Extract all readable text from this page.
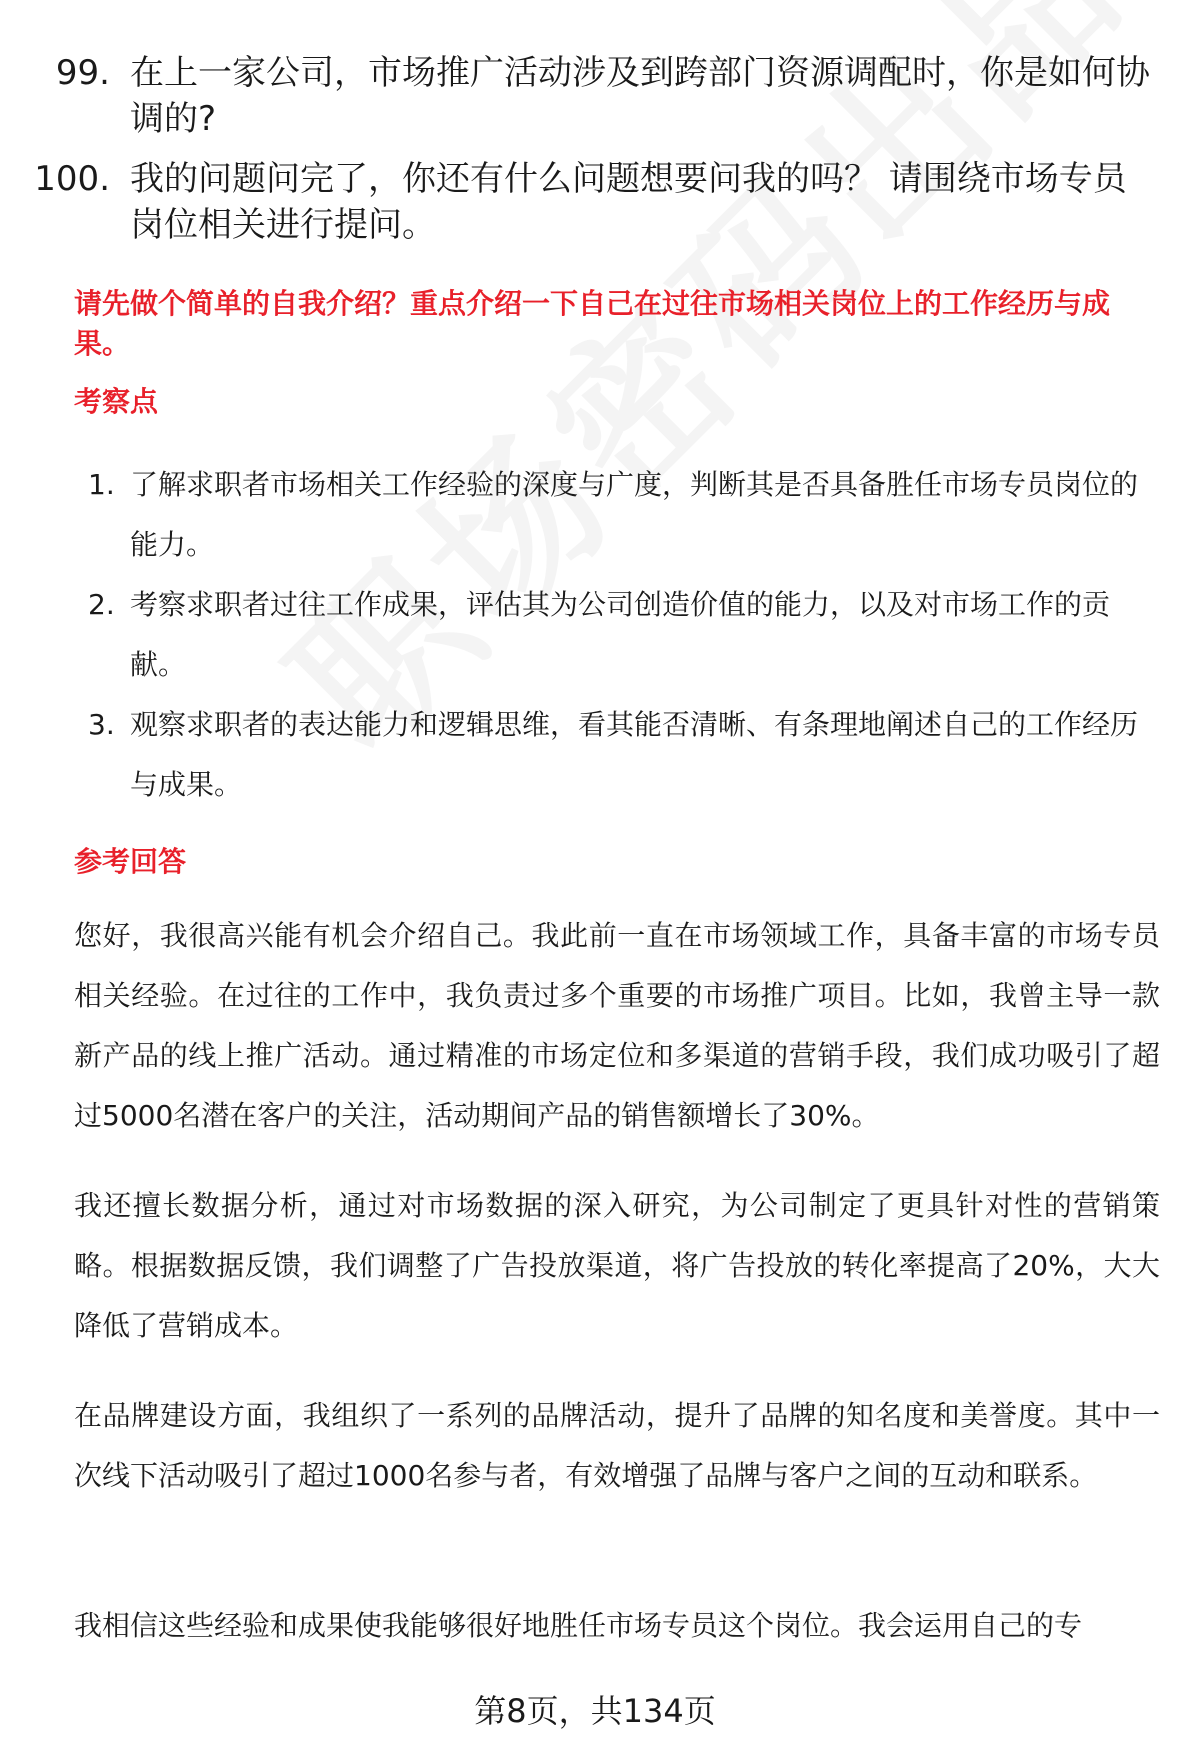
99. 在上一家公司，市场推广活动涉及到跨部门资源调配时，你是如何协调的?
100. 我的问题问完了，你还有什么问题想要问我的吗？ 请围绕市场专员岗位相关进行提问。
请先做个简单的自我介绍？重点介绍一下自己在过往市场相关岗位上的工作经历与成果。
考察点
1. 了解求职者市场相关工作经验的深度与广度，判断其是否具备胜任市场专员岗位的能力。
2. 考察求职者过往工作成果，评估其为公司创造价值的能力，以及对市场工作的贡献。
3. 观察求职者的表达能力和逻辑思维，看其能否清晰、有条理地阐述自己的工作经历与成果。
参考回答
您好，我很高兴能有机会介绍自己。我此前一直在市场领域工作，具备丰富的市场专员相关经验。在过往的工作中，我负责过多个重要的市场推广项目。比如，我曾主导一款新产品的线上推广活动。通过精准的市场定位和多渠道的营销手段，我们成功吸引了超过5000名潜在客户的关注，活动期间产品的销售额增长了30%。
我还擅长数据分析，通过对市场数据的深入研究，为公司制定了更具针对性的营销策略。根据数据反馈，我们调整了广告投放渠道，将广告投放的转化率提高了20%，大大降低了营销成本。
在品牌建设方面，我组织了一系列的品牌活动，提升了品牌的知名度和美誉度。其中一次线下活动吸引了超过1000名参与者，有效增强了品牌与客户之间的互动和联系。
我相信这些经验和成果使我能够很好地胜任市场专员这个岗位。我会运用自己的专
第8页，共134页
